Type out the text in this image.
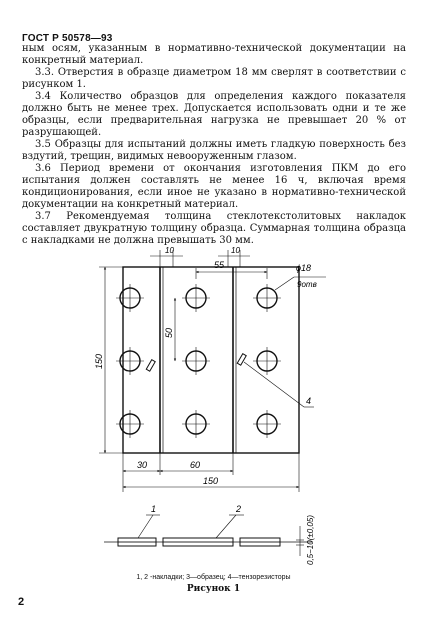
ГОСТ Р 50578—93

ным осям, указанным в нормативно-технической документации на конкретный материал.

3.3. Отверстия в образце диаметром 18 мм сверлят в соответствии с рисунком 1.

3.4 Количество образцов для определения каждого показателя должно быть не менее трех. Допускается использовать одни и те же образцы, если предварительная нагрузка не превышает 20 % от разрушающей.

3.5 Образцы для испытаний должны иметь гладкую поверхность без вздутий, трещин, видимых невооруженным глазом.

3.6 Период времени от окончания изготовления ПКМ до его испытания должен составлять не менее 16 ч, включая время кондиционирования, если иное не указано в нормативно-технической документации на конкретный материал.

3.7 Рекомендуемая толщина стеклотекстолитовых накладок составляет двукратную толщину образца. Суммарная толщина образца с накладками не должна превышать 30 мм.

10	10
55	ϕ18
9отв
50
150
4
30	60
150
1	2
0,5−10(±0,05)
1, 2 -накладки; 3—образец; 4—тензорезисторы
Рисунок 1
2
